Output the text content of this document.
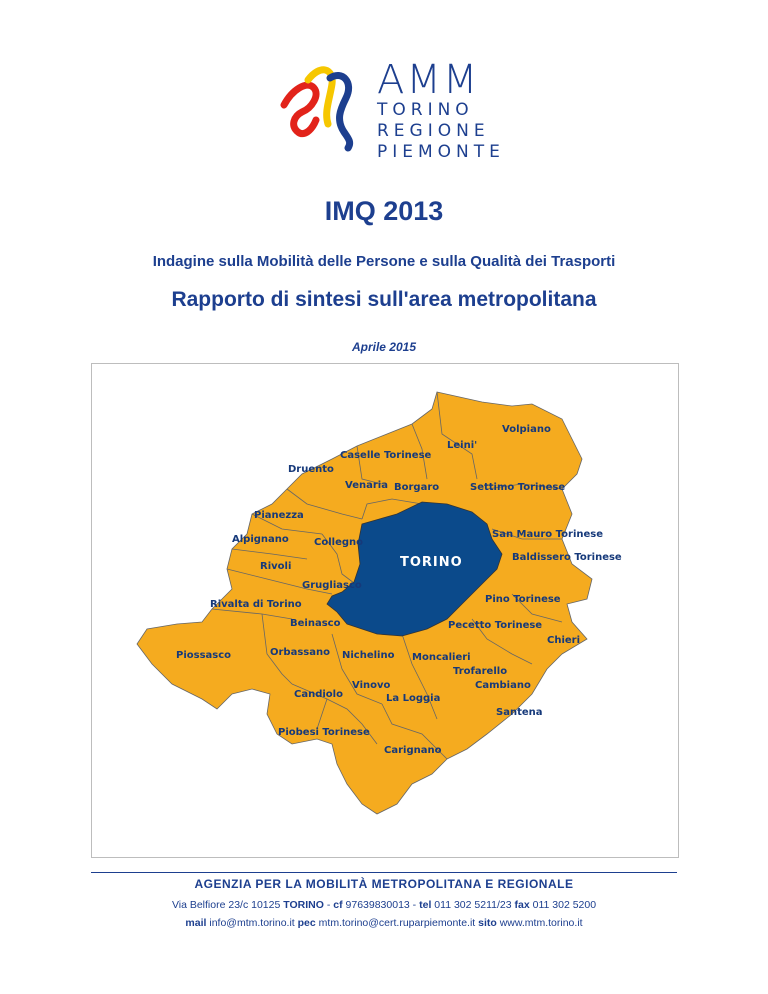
AMM
TORINO
REGIONE
PIEMONTE
IMQ 2013
Indagine sulla Mobilità delle Persone e sulla Qualità dei Trasporti
Rapporto di sintesi sull'area metropolitana
Aprile 2015
Volpiano
Leini'
Caselle Torinese
Druento
Venaria Borgaro	Settimo Torinese
Pianezza
San Mauro Torinese
Alpignano	Collegno
Baldissero Torinese
Rivoli
Grugliasco
Pino Torinese
Rivalta di Torino
Beinasco	Pecetto Torinese
Chieri
Piossasco	Orbassano Nichelino Moncalieri
Trofarello
Vinovo	Cambiano
Candiolo	La Loggia
Santena
Piobesi Torinese
Carignano
TORINO
AGENZIA PER LA MOBILITÀ METROPOLITANA E REGIONALE
Via Belfiore 23/c 10125 TORINO - cf 97639830013 - tel 011 302 5211/23 fax 011 302 5200
mail info@mtm.torino.it pec mtm.torino@cert.ruparpiemonte.it sito www.mtm.torino.it
